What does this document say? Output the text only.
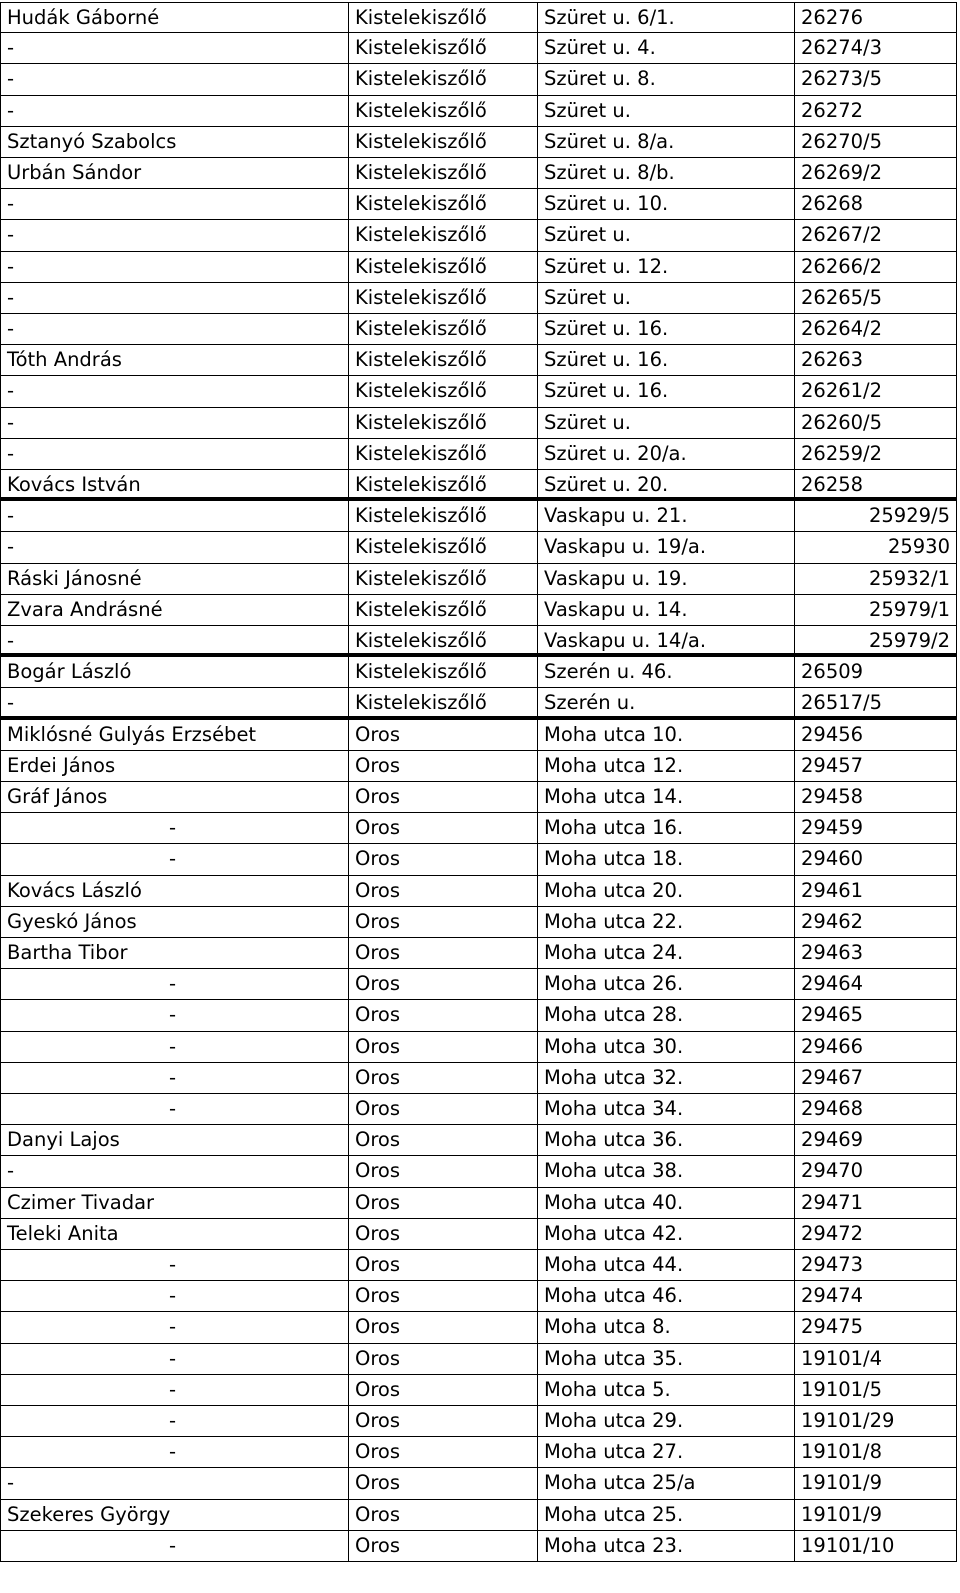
Hudák Gáborné	Kistelekiszőlő	Szüret u. 6/1.	26276
-	Kistelekiszőlő	Szüret u. 4.	26274/3
-	Kistelekiszőlő	Szüret u. 8.	26273/5
-	Kistelekiszőlő	Szüret u.	26272
Sztanyó Szabolcs	Kistelekiszőlő	Szüret u. 8/a.	26270/5
Urbán Sándor	Kistelekiszőlő	Szüret u. 8/b.	26269/2
-	Kistelekiszőlő	Szüret u. 10.	26268
-	Kistelekiszőlő	Szüret u.	26267/2
-	Kistelekiszőlő	Szüret u. 12.	26266/2
-	Kistelekiszőlő	Szüret u.	26265/5
-	Kistelekiszőlő	Szüret u. 16.	26264/2
Tóth András	Kistelekiszőlő	Szüret u. 16.	26263
-	Kistelekiszőlő	Szüret u. 16.	26261/2
-	Kistelekiszőlő	Szüret u.	26260/5
-	Kistelekiszőlő	Szüret u. 20/a.	26259/2
Kovács István	Kistelekiszőlő	Szüret u. 20.	26258
-	Kistelekiszőlő	Vaskapu u. 21.	25929/5
-	Kistelekiszőlő	Vaskapu u. 19/a.	25930
Ráski Jánosné	Kistelekiszőlő	Vaskapu u. 19.	25932/1
Zvara Andrásné	Kistelekiszőlő	Vaskapu u. 14.	25979/1
-	Kistelekiszőlő	Vaskapu u. 14/a.	25979/2
Bogár László	Kistelekiszőlő	Szerén u. 46.	26509
-	Kistelekiszőlő	Szerén u.	26517/5
Miklósné Gulyás Erzsébet	Oros	Moha utca 10.	29456
Erdei János	Oros	Moha utca 12.	29457
Gráf János	Oros	Moha utca 14.	29458
-	Oros	Moha utca 16.	29459
-	Oros	Moha utca 18.	29460
Kovács László	Oros	Moha utca 20.	29461
Gyeskó János	Oros	Moha utca 22.	29462
Bartha Tibor	Oros	Moha utca 24.	29463
-	Oros	Moha utca 26.	29464
-	Oros	Moha utca 28.	29465
-	Oros	Moha utca 30.	29466
-	Oros	Moha utca 32.	29467
-	Oros	Moha utca 34.	29468
Danyi Lajos	Oros	Moha utca 36.	29469
-	Oros	Moha utca 38.	29470
Czimer Tivadar	Oros	Moha utca 40.	29471
Teleki Anita	Oros	Moha utca 42.	29472
-	Oros	Moha utca 44.	29473
-	Oros	Moha utca 46.	29474
-	Oros	Moha utca 8.	29475
-	Oros	Moha utca 35.	19101/4
-	Oros	Moha utca 5.	19101/5
-	Oros	Moha utca 29.	19101/29
-	Oros	Moha utca 27.	19101/8
-	Oros	Moha utca 25/a	19101/9
Szekeres György	Oros	Moha utca 25.	19101/9
-	Oros	Moha utca 23.	19101/10
